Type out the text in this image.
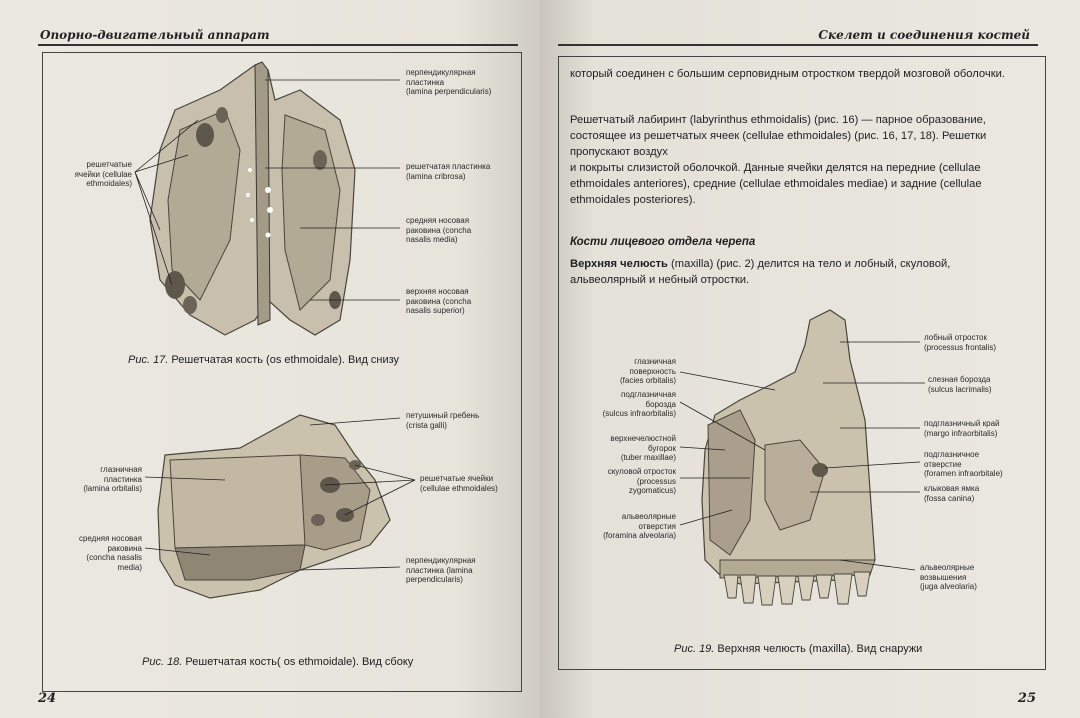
Опорно-двигательный аппарат
перпендикулярная
пластинка
(lamina perpendicularis)
решетчатые
ячейки (cellulae
ethmoidales)
решетчатая пластинка
(lamina cribrosa)
средняя носовая
раковина (concha
nasalis media)
верхняя носовая
раковина (concha
nasalis superior)
Рис. 17. Решетчатая кость (os ethmoidale). Вид снизу
петушиный гребень
(crista galli)
глазничная
пластинка
(lamina orbitalis)
решетчатые ячейки
(cellulae ethmoidales)
средняя носовая
раковина
(concha nasalis
media)
перпендикулярная
пластинка (lamina
perpendicularis)
Рис. 18. Решетчатая кость( os ethmoidale). Вид сбоку
24
Скелет и соединения костей
который соединен с большим серповидным отростком твердой мозговой оболочки.
Решетчатый лабиринт (labyrinthus ethmoidalis) (рис. 16) — парное образование, состоящее из решетчатых ячеек (cellulae ethmoidales) (рис. 16, 17, 18). Решетки пропускают воздух
и покрыты слизистой оболочкой. Данные ячейки делятся на передние (cellulae ethmoidales anteriores), средние (cellulae ethmoidales mediae) и задние (cellulae ethmoidales posteriores).
Кости лицевого отдела черепа
Верхняя челюсть (maxilla) (рис. 2) делится на тело и лобный, скуловой, альвеолярный и небный отростки.
лобный отросток
(processus frontalis)
глазничная
поверхность
(facies orbitalis)	слезная борозда
(sulcus lacrimalis)
подглазничная
борозда
(sulcus infraorbitalis)
подглазничный край
(margo infraorbitalis)
верхнечелюстной
бугорок
(tuber maxillae)	подглазничное
отверстие
(foramen infraorbitale)
скуловой отросток
(processus
zygomaticus)	клыковая ямка
(fossa canina)
альвеолярные
отверстия
(foramina alveolaria)
альвеолярные
возвышения
(juga alveolaria)
Рис. 19. Верхняя челюсть (maxilla). Вид снаружи
25
